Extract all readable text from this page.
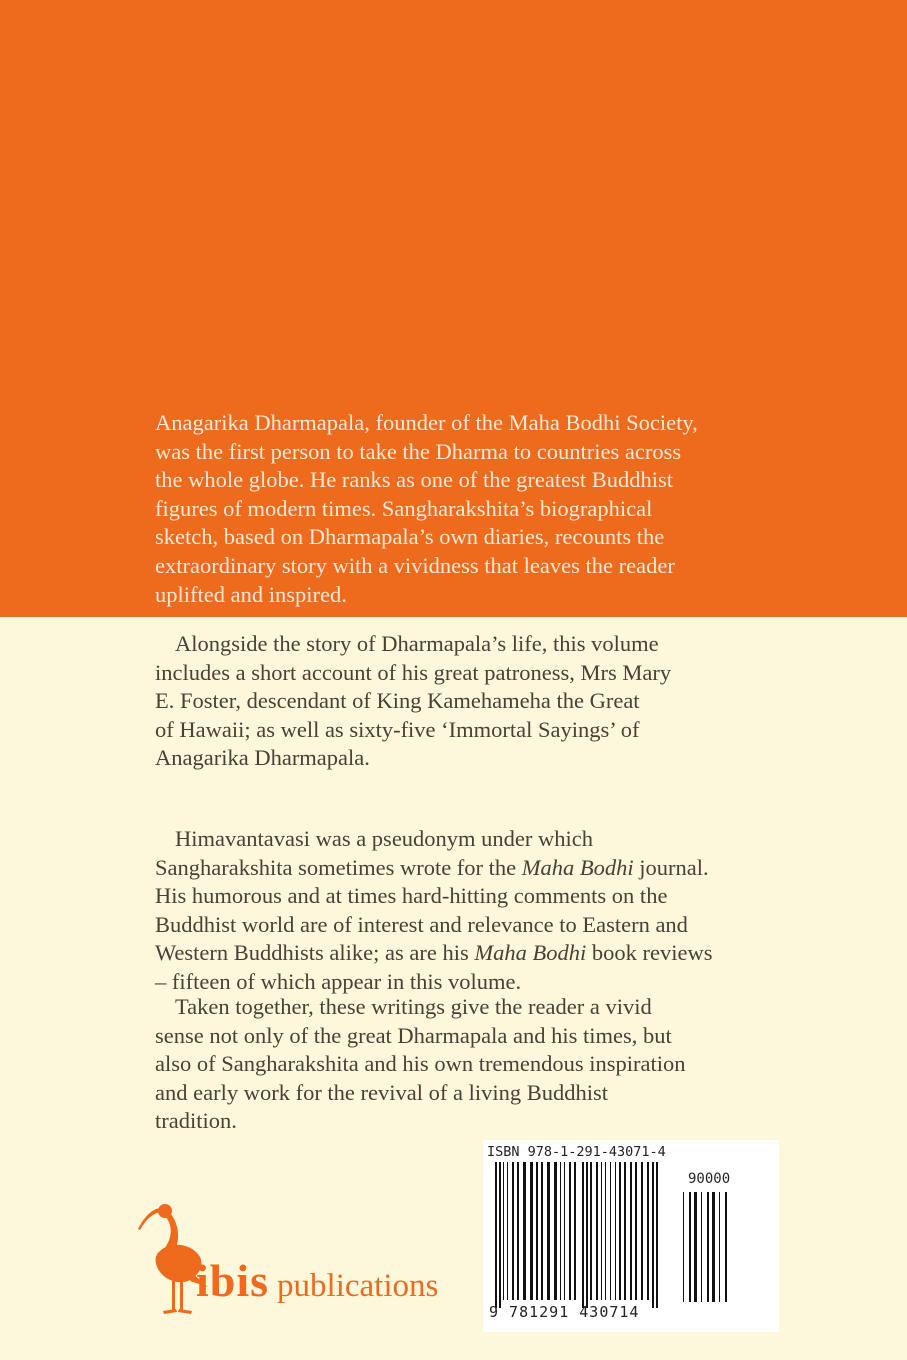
Anagarika Dharmapala, founder of the Maha Bodhi Society,
was the first person to take the Dharma to countries across
the whole globe. He ranks as one of the greatest Buddhist
figures of modern times. Sangharakshita’s biographical
sketch, based on Dharmapala’s own diaries, recounts the
extraordinary story with a vividness that leaves the reader
uplifted and inspired.
Alongside the story of Dharmapala’s life, this volume
includes a short account of his great patroness, Mrs Mary
E. Foster, descendant of King Kamehameha the Great
of Hawaii; as well as sixty-five ‘Immortal Sayings’ of
Anagarika Dharmapala.
Himavantavasi was a pseudonym under which
Sangharakshita sometimes wrote for the Maha Bodhi journal.
His humorous and at times hard-hitting comments on the
Buddhist world are of interest and relevance to Eastern and
Western Buddhists alike; as are his Maha Bodhi book reviews
– fifteen of which appear in this volume.
Taken together, these writings give the reader a vivid
sense not only of the great Dharmapala and his times, but
also of Sangharakshita and his own tremendous inspiration
and early work for the revival of a living Buddhist
tradition.
ibis publications
ISBN 978-1-291-43071-4
90000
9 781291 430714
